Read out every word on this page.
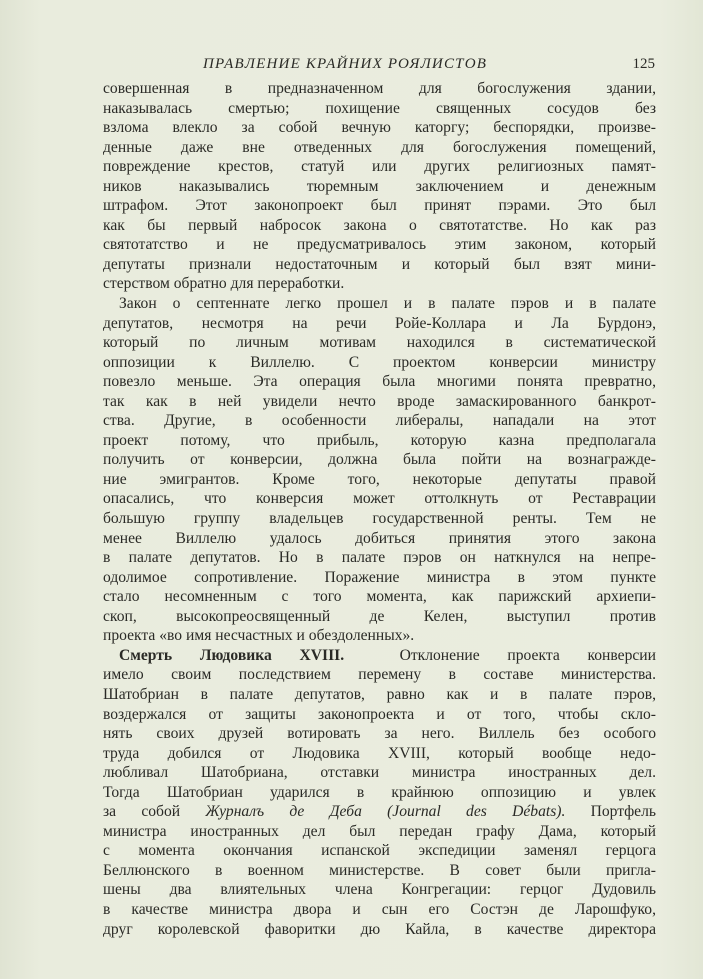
ПРАВЛЕНИЕ КРАЙНИХ РОЯЛИСТОВ	125
совершенная в предназначенном для богослужения здании,
наказывалась смертью; похищение священных сосудов без
взлома влекло за собой вечную каторгу; беспорядки, произве-
денные даже вне отведенных для богослужения помещений,
повреждение крестов, статуй или других религиозных памят-
ников наказывались тюремным заключением и денежным
штрафом. Этот законопроект был принят пэрами. Это был
как бы первый набросок закона о святотатстве. Но как раз
святотатство и не предусматривалось этим законом, который
депутаты признали недостаточным и который был взят мини-
стерством обратно для переработки.
Закон о септеннате легко прошел и в палате пэров и в палате
депутатов, несмотря на речи Ройе-Коллара и Ла Бурдонэ,
который по личным мотивам находился в систематической
оппозиции к Виллелю. С проектом конверсии министру
повезло меньше. Эта операция была многими понята превратно,
так как в ней увидели нечто вроде замаскированного банкрот-
ства. Другие, в особенности либералы, нападали на этот
проект потому, что прибыль, которую казна предполагала
получить от конверсии, должна была пойти на вознагражде-
ние эмигрантов. Кроме того, некоторые депутаты правой
опасались, что конверсия может оттолкнуть от Реставрации
большую группу владельцев государственной ренты. Тем не
менее Виллелю удалось добиться принятия этого закона
в палате депутатов. Но в палате пэров он наткнулся на непре-
одолимое сопротивление. Поражение министра в этом пункте
стало несомненным с того момента, как парижский архиепи-
скоп, высокопреосвященный де Келен, выступил против
проекта «во имя несчастных и обездоленных».
Смерть Людовика XVIII.  Отклонение проекта конверсии
имело своим последствием перемену в составе министерства.
Шатобриан в палате депутатов, равно как и в палате пэров,
воздержался от защиты законопроекта и от того, чтобы скло-
нять своих друзей вотировать за него. Виллель без особого
труда добился от Людовика XVIII, который вообще недо-
любливал Шатобриана, отставки министра иностранных дел.
Тогда Шатобриан ударился в крайнюю оппозицию и увлек
за собой Журналъ де Деба (Journal des Débats). Портфель
министра иностранных дел был передан графу Дама, который
с момента окончания испанской экспедиции заменял герцога
Беллюнского в военном министерстве. В совет были пригла-
шены два влиятельных члена Конгрегации: герцог Дудовиль
в качестве министра двора и сын его Состэн де Ларошфуко,
друг королевской фаворитки дю Кайла, в качестве директора
